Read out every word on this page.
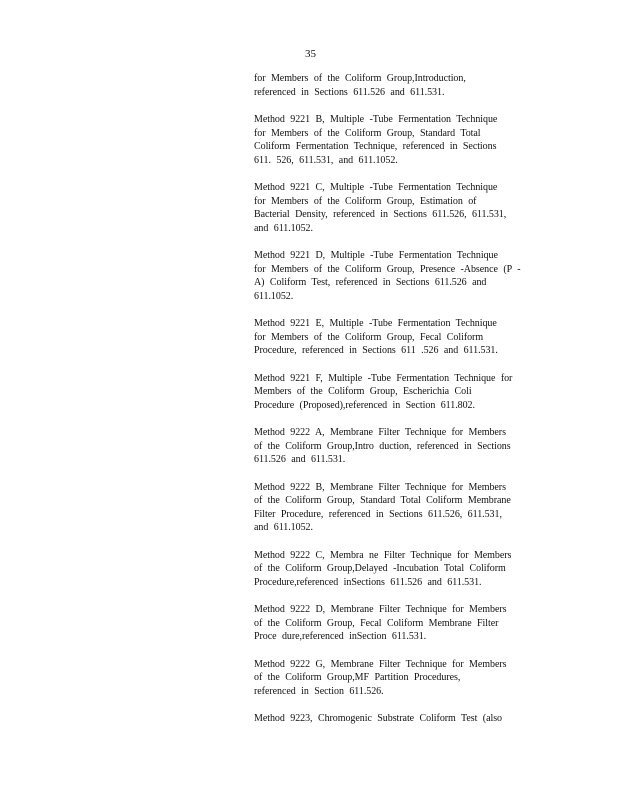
35
for Members of the Coliform Group,Introduction,
referenced in Sections 611.526 and 611.531.
Method 9221 B, Multiple -Tube Fermentation Technique
for Members of the Coliform Group, Standard Total
Coliform Fermentation Technique, referenced in Sections
611. 526, 611.531, and 611.1052.
Method 9221 C, Multiple -Tube Fermentation Technique
for Members of the Coliform Group, Estimation of
Bacterial Density, referenced in Sections 611.526, 611.531,
and 611.1052.
Method 9221 D, Multiple -Tube Fermentation Technique
for Members of the Coliform Group, Presence -Absence (P -
A) Coliform Test, referenced in Sections 611.526 and
611.1052.
Method 9221 E, Multiple -Tube Fermentation Technique
for Members of the Coliform Group, Fecal Coliform
Procedure, referenced in Sections 611 .526 and 611.531.
Method 9221 F, Multiple -Tube Fermentation Technique for
Members of the Coliform Group, Escherichia Coli
Procedure (Proposed),referenced in Section 611.802.
Method 9222 A, Membrane Filter Technique for Members
of the Coliform Group,Intro duction, referenced in Sections
611.526 and 611.531.
Method 9222 B, Membrane Filter Technique for Members
of the Coliform Group, Standard Total Coliform Membrane
Filter Procedure, referenced in Sections 611.526, 611.531,
and 611.1052.
Method 9222 C, Membra ne Filter Technique for Members
of the Coliform Group,Delayed -Incubation Total Coliform
Procedure,referenced inSections 611.526 and 611.531.
Method 9222 D, Membrane Filter Technique for Members
of the Coliform Group, Fecal Coliform Membrane Filter
Proce dure,referenced inSection 611.531.
Method 9222 G, Membrane Filter Technique for Members
of the Coliform Group,MF Partition Procedures,
referenced in Section 611.526.
Method 9223, Chromogenic Substrate Coliform Test (also
